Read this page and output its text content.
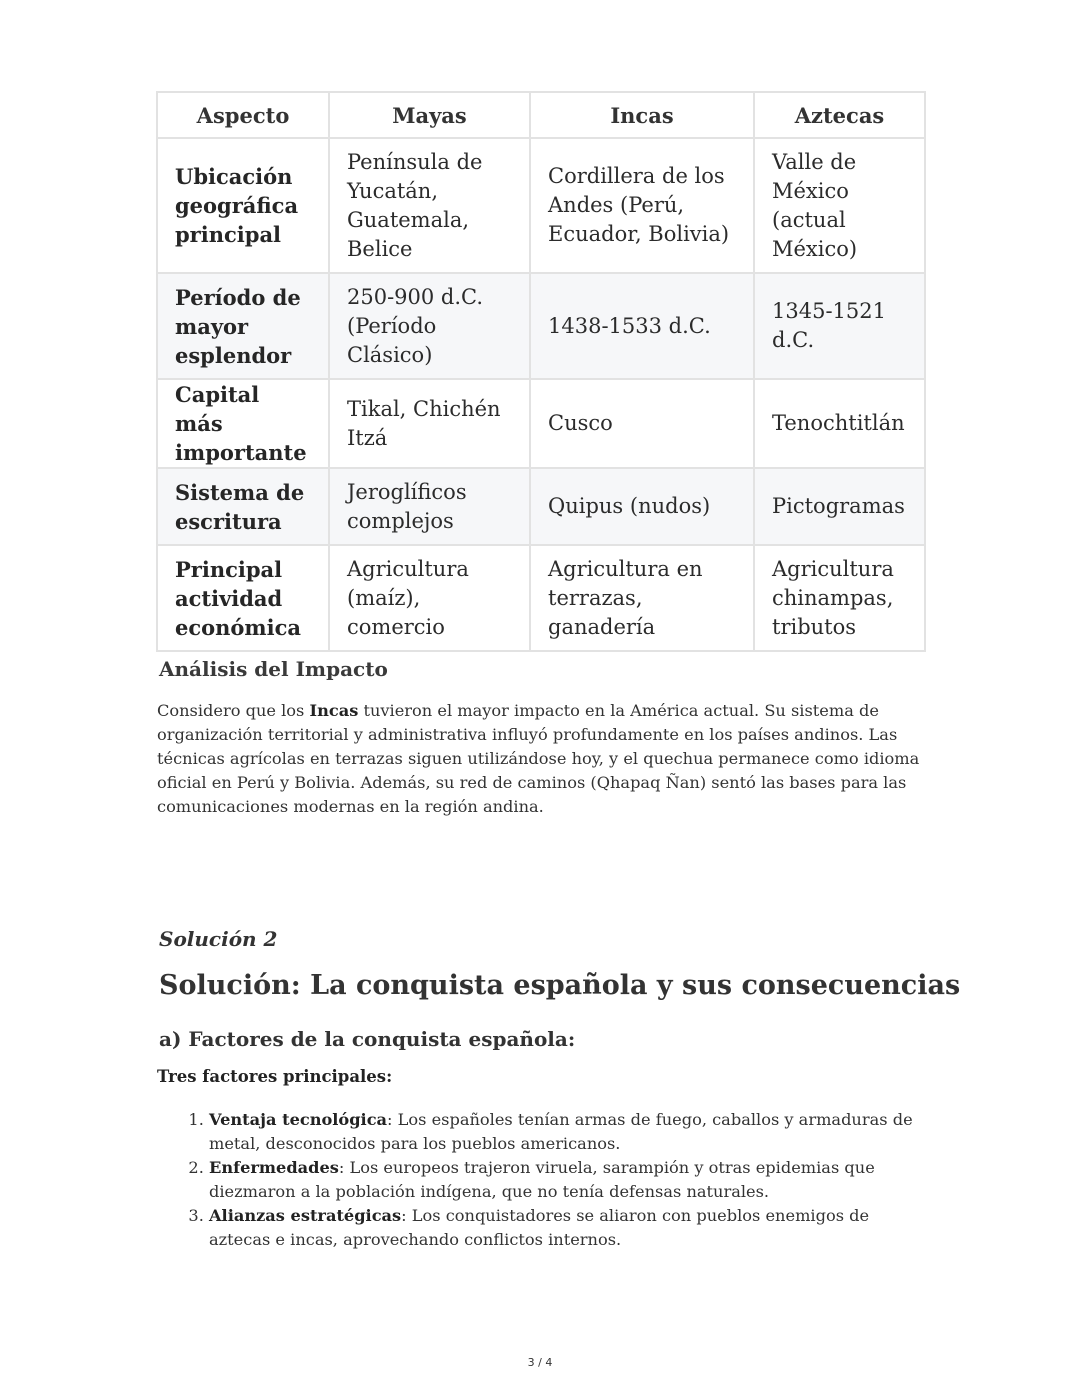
Aspecto	Mayas	Incas	Aztecas
Ubicación geográfica principal	Península de Yucatán, Guatemala, Belice	Cordillera de los Andes (Perú, Ecuador, Bolivia)	Valle de México (actual México)
Período de mayor esplendor	250-900 d.C. (Período Clásico)	1438-1533 d.C.	1345-1521 d.C.
Capital más importante	Tikal, Chichén Itzá	Cusco	Tenochtitlán
Sistema de escritura	Jeroglíficos complejos	Quipus (nudos)	Pictogramas
Principal actividad económica	Agricultura (maíz), comercio	Agricultura en terrazas, ganadería	Agricultura chinampas, tributos
Análisis del Impacto

Considero que los Incas tuvieron el mayor impacto en la América actual. Su sistema de organización territorial y administrativa influyó profundamente en los países andinos. Las técnicas agrícolas en terrazas siguen utilizándose hoy, y el quechua permanece como idioma oficial en Perú y Bolivia. Además, su red de caminos (Qhapaq Ñan) sentó las bases para las comunicaciones modernas en la región andina.

Solución 2
Solución: La conquista española y sus consecuencias
a) Factores de la conquista española:

Tres factores principales:

1. Ventaja tecnológica: Los españoles tenían armas de fuego, caballos y armaduras de metal, desconocidos para los pueblos americanos.
2. Enfermedades: Los europeos trajeron viruela, sarampión y otras epidemias que diezmaron a la población indígena, que no tenía defensas naturales.
3. Alianzas estratégicas: Los conquistadores se aliaron con pueblos enemigos de aztecas e incas, aprovechando conflictos internos.
3 / 4
